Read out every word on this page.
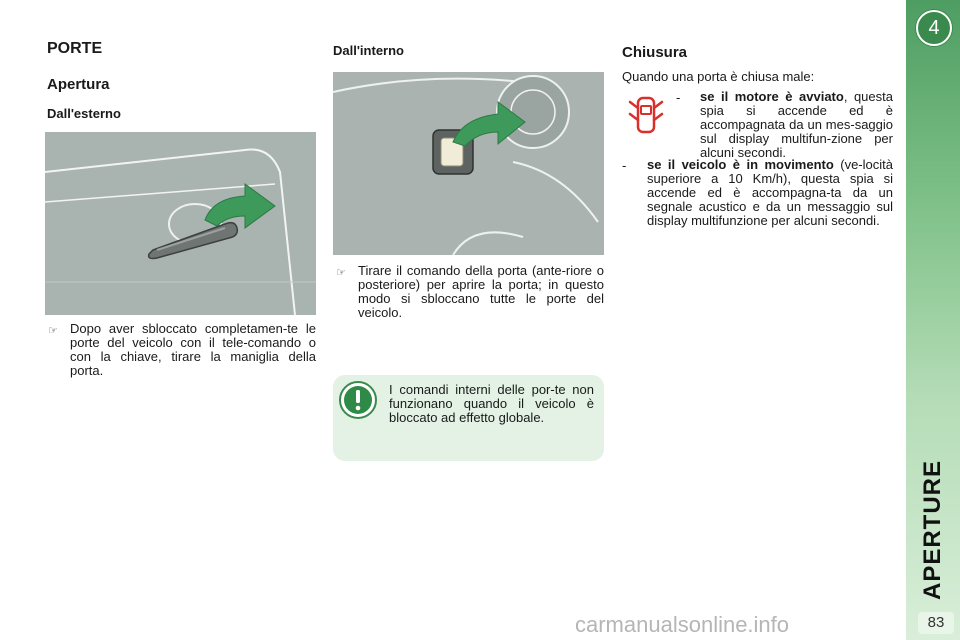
4
APERTURE
83
carmanualsonline.info
PORTE
Apertura
Dall'esterno
☞ Dopo aver sbloccato completamen-te le porte del veicolo con il tele-comando o con la chiave, tirare la maniglia della porta.

Dall'interno
☞ Tirare il comando della porta (ante-riore o posteriore) per aprire la porta; in questo modo si sbloccano tutte le porte del veicolo.

I comandi interni delle por-te non funzionano quando il veicolo è bloccato ad effetto globale.

Chiusura

Quando una porta è chiusa male:

- se il motore è avviato, questa spia si accende ed è accompagnata da un mes-saggio sul display multifun-zione per alcuni secondi.

- se il veicolo è in movimento (ve-locità superiore a 10 Km/h), questa spia si accende ed è accompagna-ta da un segnale acustico e da un messaggio sul display multifunzione per alcuni secondi.
